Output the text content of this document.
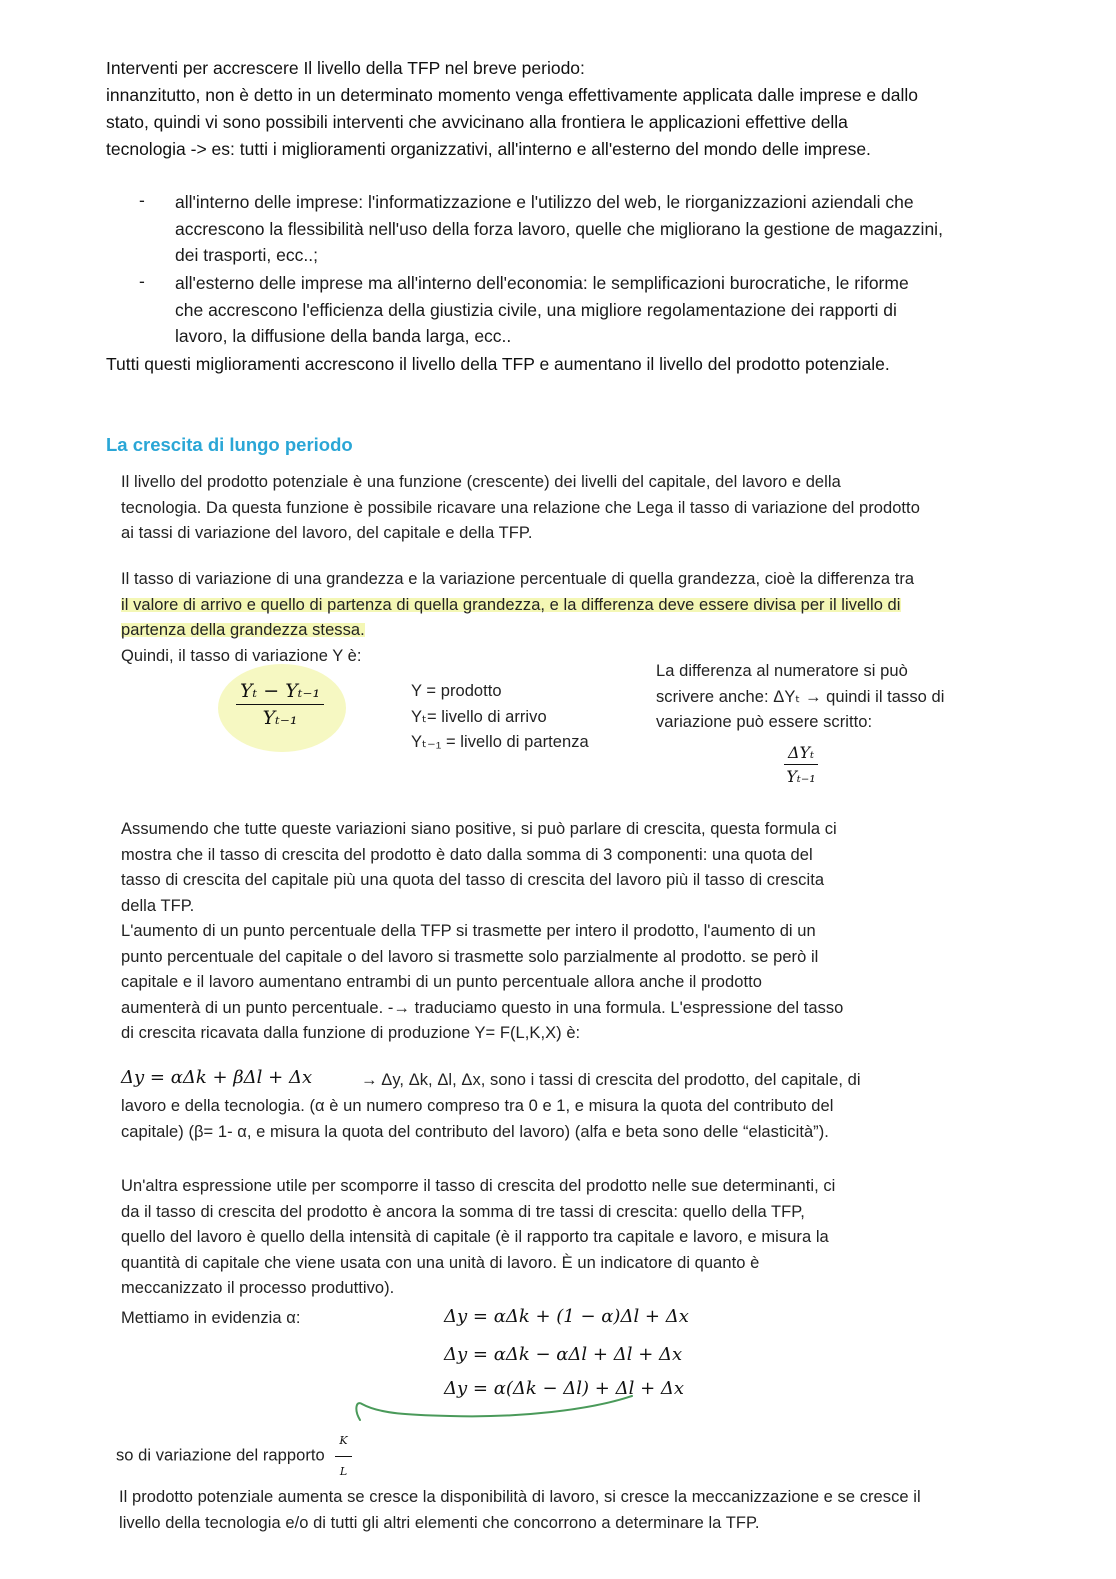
Interventi per accrescere Il livello della TFP nel breve periodo:
innanzitutto, non è detto in un determinato momento venga effettivamente applicata dalle imprese e dallo
stato, quindi vi sono possibili interventi che avvicinano alla frontiera le applicazioni effettive della
tecnologia -> es: tutti i miglioramenti organizzativi, all'interno e all'esterno del mondo delle imprese.
- all'interno delle imprese: l'informatizzazione e l'utilizzo del web, le riorganizzazioni aziendali che
accrescono la flessibilità nell'uso della forza lavoro, quelle che migliorano la gestione de magazzini,
dei trasporti, ecc..;
- all'esterno delle imprese ma all'interno dell'economia: le semplificazioni burocratiche, le riforme
che accrescono l'efficienza della giustizia civile, una migliore regolamentazione dei rapporti di
lavoro, la diffusione della banda larga, ecc..
Tutti questi miglioramenti accrescono il livello della TFP e aumentano il livello del prodotto potenziale.
La crescita di lungo periodo
Il livello del prodotto potenziale è una funzione (crescente) dei livelli del capitale, del lavoro e della
tecnologia. Da questa funzione è possibile ricavare una relazione che Lega il tasso di variazione del prodotto
ai tassi di variazione del lavoro, del capitale e della TFP.
Il tasso di variazione di una grandezza e la variazione percentuale di quella grandezza, cioè la differenza tra
il valore di arrivo e quello di partenza di quella grandezza, e la differenza deve essere divisa per il livello di
partenza della grandezza stessa.
Quindi, il tasso di variazione Y è:
$\frac{\text{Yₜ − Yₜ₋₁}}{\text{Yₜ₋₁}}$	Y = prodotto
Yₜ= livello di arrivo
Yₜ₋₁ = livello di partenza
La differenza al numeratore si può
scrivere anche: ΔYₜ → quindi il tasso di
variazione può essere scritto:
ΔYₜ
Yₜ₋₁
Assumendo che tutte queste variazioni siano positive, si può parlare di crescita, questa formula ci
mostra che il tasso di crescita del prodotto è dato dalla somma di 3 componenti: una quota del
tasso di crescita del capitale più una quota del tasso di crescita del lavoro più il tasso di crescita
della TFP.
L'aumento di un punto percentuale della TFP si trasmette per intero il prodotto, l'aumento di un
punto percentuale del capitale o del lavoro si trasmette solo parzialmente al prodotto. se però il
capitale e il lavoro aumentano entrambi di un punto percentuale allora anche il prodotto
aumenterà di un punto percentuale. -→ traduciamo questo in una formula. L'espressione del tasso
di crescita ricavata dalla funzione di produzione Y= F(L,K,X) è:
Δy = αΔk + βΔl + Δx	→ Δy, Δk, Δl, Δx, sono i tassi di crescita del prodotto, del capitale, di
lavoro e della tecnologia. (α è un numero compreso tra 0 e 1, e misura la quota del contributo del
capitale) (β= 1- α, e misura la quota del contributo del lavoro) (alfa e beta sono delle “elasticità”).
Un'altra espressione utile per scomporre il tasso di crescita del prodotto nelle sue determinanti, ci
da il tasso di crescita del prodotto è ancora la somma di tre tassi di crescita: quello della TFP,
quello del lavoro è quello della intensità di capitale (è il rapporto tra capitale e lavoro, e misura la
quantità di capitale che viene usata con una unità di lavoro. È un indicatore di quanto è
meccanizzato il processo produttivo).
Mettiamo in evidenzia α:	Δy = αΔk + (1 − α)Δl + Δx
Δy = αΔk − αΔl + Δl + Δx
Δy = α(Δk − Δl) + Δl + Δx
so di variazione del rapporto $\frac{K}{L}$
Il prodotto potenziale aumenta se cresce la disponibilità di lavoro, si cresce la meccanizzazione e se cresce il
livello della tecnologia e/o di tutti gli altri elementi che concorrono a determinare la TFP.
